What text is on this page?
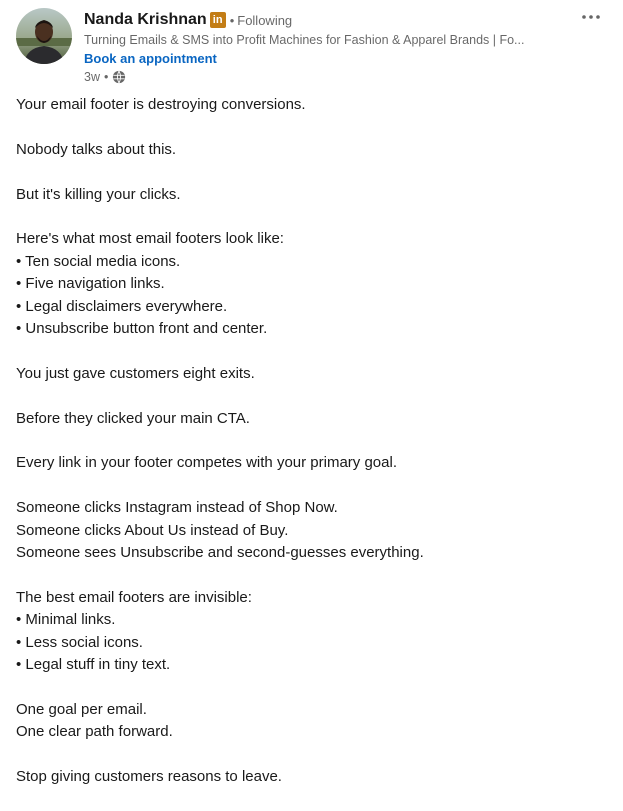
Nanda Krishnan in • Following
Turning Emails & SMS into Profit Machines for Fashion & Apparel Brands | Fo...
Book an appointment
3w •
Your email footer is destroying conversions.
Nobody talks about this.
But it's killing your clicks.
Here's what most email footers look like:
• Ten social media icons.
• Five navigation links.
• Legal disclaimers everywhere.
• Unsubscribe button front and center.
You just gave customers eight exits.
Before they clicked your main CTA.
Every link in your footer competes with your primary goal.
Someone clicks Instagram instead of Shop Now.
Someone clicks About Us instead of Buy.
Someone sees Unsubscribe and second-guesses everything.
The best email footers are invisible:
• Minimal links.
• Less social icons.
• Legal stuff in tiny text.
One goal per email.
One clear path forward.
Stop giving customers reasons to leave.
